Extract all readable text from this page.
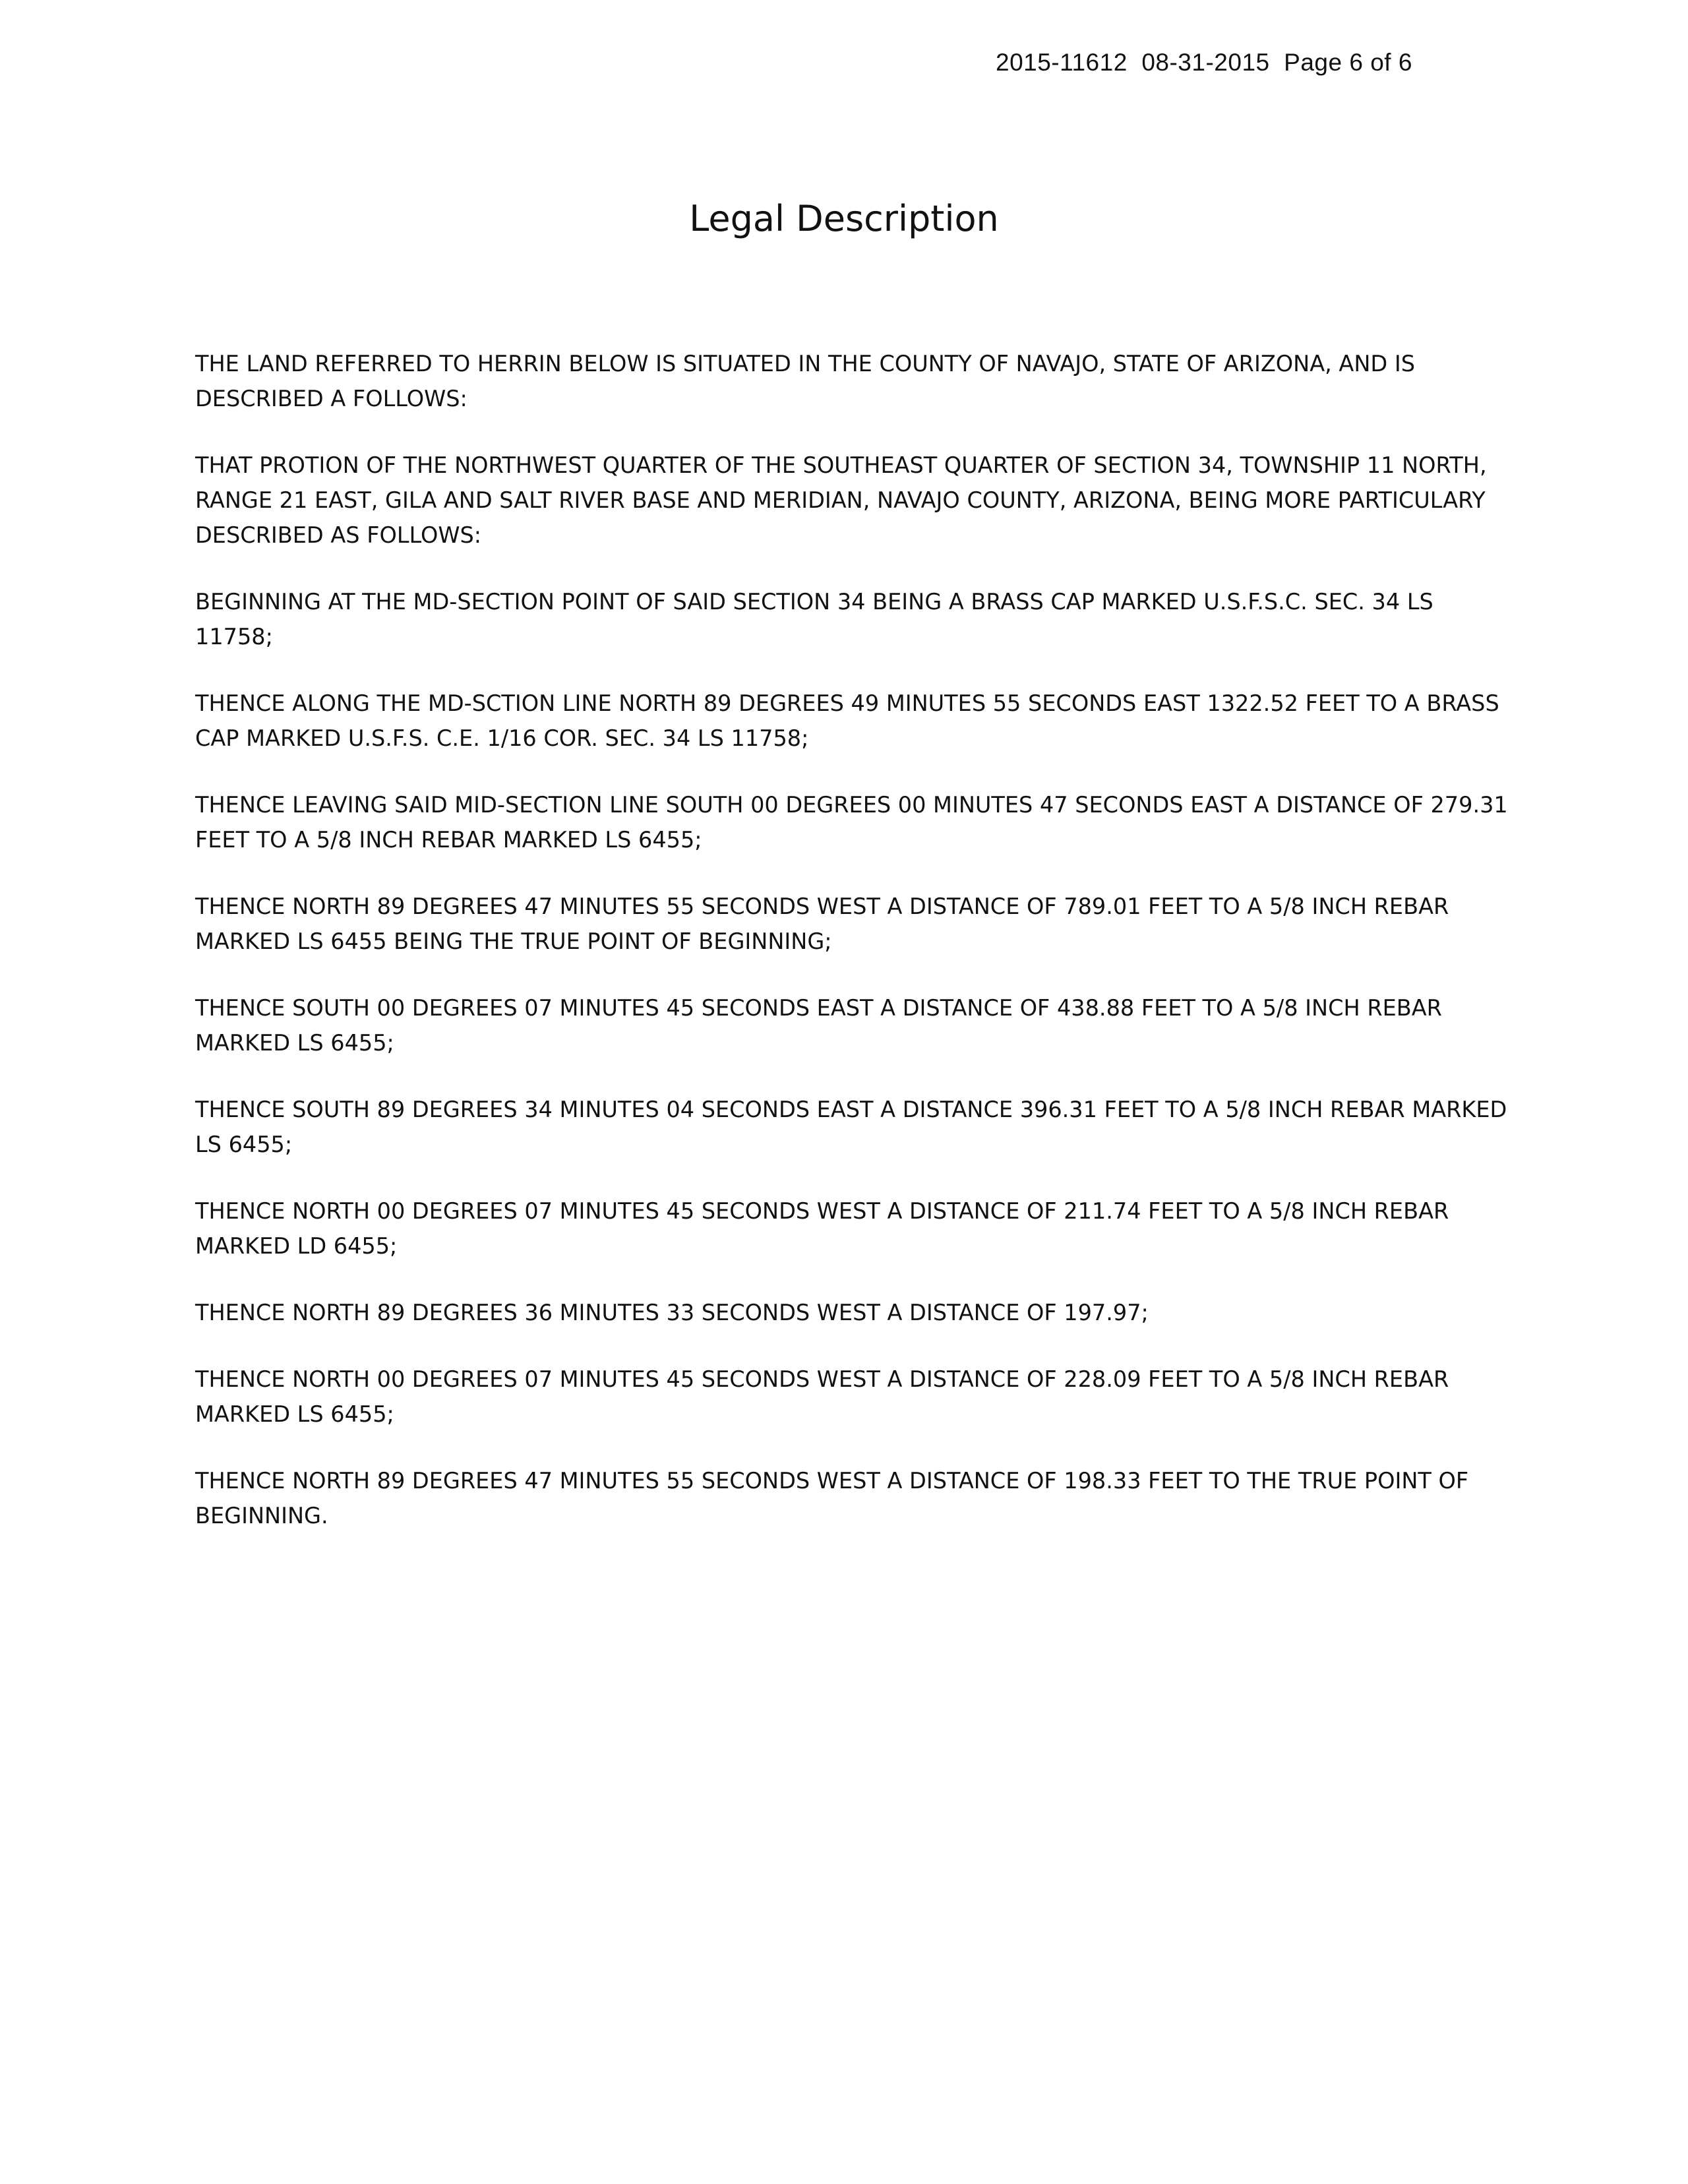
2015-11612  08-31-2015  Page 6 of 6
Legal Description

THE LAND REFERRED TO HERRIN BELOW IS SITUATED IN THE COUNTY OF NAVAJO, STATE OF ARIZONA, AND IS DESCRIBED A FOLLOWS:

THAT PROTION OF THE NORTHWEST QUARTER OF THE SOUTHEAST QUARTER OF SECTION 34, TOWNSHIP 11 NORTH, RANGE 21 EAST, GILA AND SALT RIVER BASE AND MERIDIAN, NAVAJO COUNTY, ARIZONA, BEING MORE PARTICULARY DESCRIBED AS FOLLOWS:

BEGINNING AT THE MD-SECTION POINT OF SAID SECTION 34 BEING A BRASS CAP MARKED U.S.F.S.C. SEC. 34 LS 11758;

THENCE ALONG THE MD-SCTION LINE NORTH 89 DEGREES 49 MINUTES 55 SECONDS EAST 1322.52 FEET TO A BRASS CAP MARKED U.S.F.S. C.E. 1/16 COR. SEC. 34 LS 11758;

THENCE LEAVING SAID MID-SECTION LINE SOUTH 00 DEGREES 00 MINUTES 47 SECONDS EAST A DISTANCE OF 279.31 FEET TO A 5/8 INCH REBAR MARKED LS 6455;

THENCE NORTH 89 DEGREES 47 MINUTES 55 SECONDS WEST A DISTANCE OF 789.01 FEET TO A 5/8 INCH REBAR MARKED LS 6455 BEING THE TRUE POINT OF BEGINNING;

THENCE SOUTH 00 DEGREES 07 MINUTES 45 SECONDS EAST A DISTANCE OF 438.88 FEET TO A 5/8 INCH REBAR MARKED LS 6455;

THENCE SOUTH 89 DEGREES 34 MINUTES 04 SECONDS EAST A DISTANCE 396.31 FEET TO A 5/8 INCH REBAR MARKED LS 6455;

THENCE NORTH 00 DEGREES 07 MINUTES 45 SECONDS WEST A DISTANCE OF 211.74 FEET TO A 5/8 INCH REBAR MARKED LD 6455;

THENCE NORTH 89 DEGREES 36 MINUTES 33 SECONDS WEST A DISTANCE OF 197.97;

THENCE NORTH 00 DEGREES 07 MINUTES 45 SECONDS WEST A DISTANCE OF 228.09 FEET TO A 5/8 INCH REBAR MARKED LS 6455;

THENCE NORTH 89 DEGREES 47 MINUTES 55 SECONDS WEST A DISTANCE OF 198.33 FEET TO THE TRUE POINT OF BEGINNING.
